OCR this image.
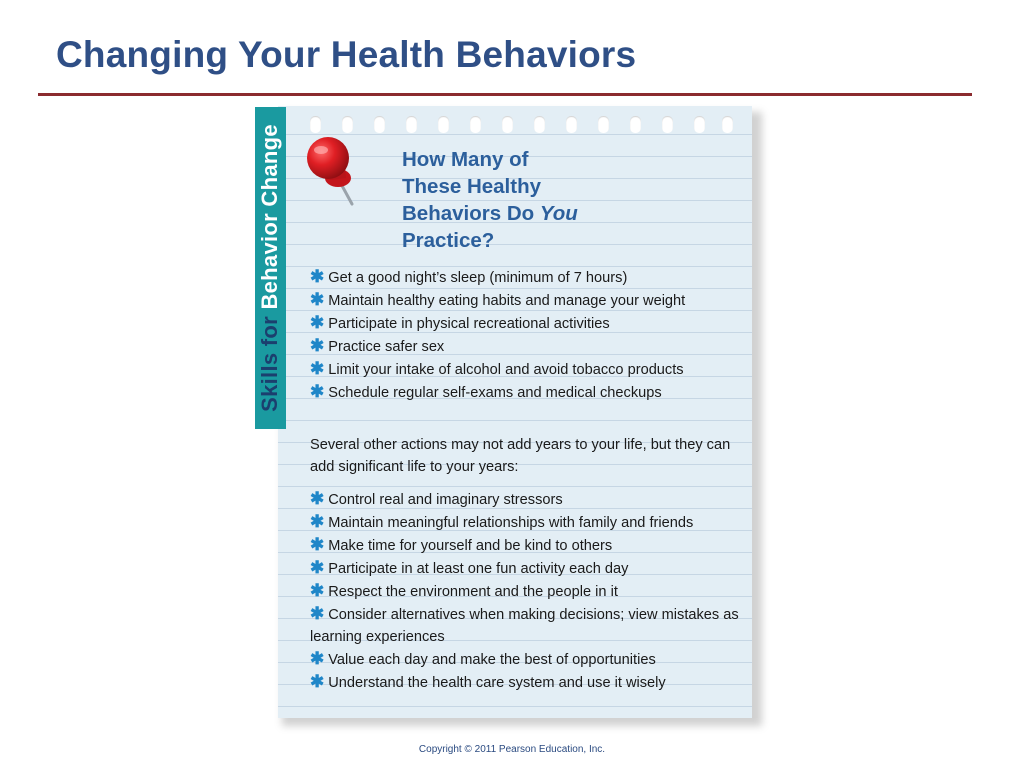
Changing Your Health Behaviors
Skills for Behavior Change	How Many of
These Healthy
Behaviors Do You
Practice?
✱ Get a good night’s sleep (minimum of 7 hours)
✱ Maintain healthy eating habits and manage your weight
✱ Participate in physical recreational activities
✱ Practice safer sex
✱ Limit your intake of alcohol and avoid tobacco products
✱ Schedule regular self-exams and medical checkups

Several other actions may not add years to your life, but they can add significant life to your years:

✱ Control real and imaginary stressors
✱ Maintain meaningful relationships with family and friends
✱ Make time for yourself and be kind to others
✱ Participate in at least one fun activity each day
✱ Respect the environment and the people in it
✱ Consider alternatives when making decisions; view mistakes as learning experiences
✱ Value each day and make the best of opportunities
✱ Understand the health care system and use it wisely
Copyright © 2011 Pearson Education, Inc.
